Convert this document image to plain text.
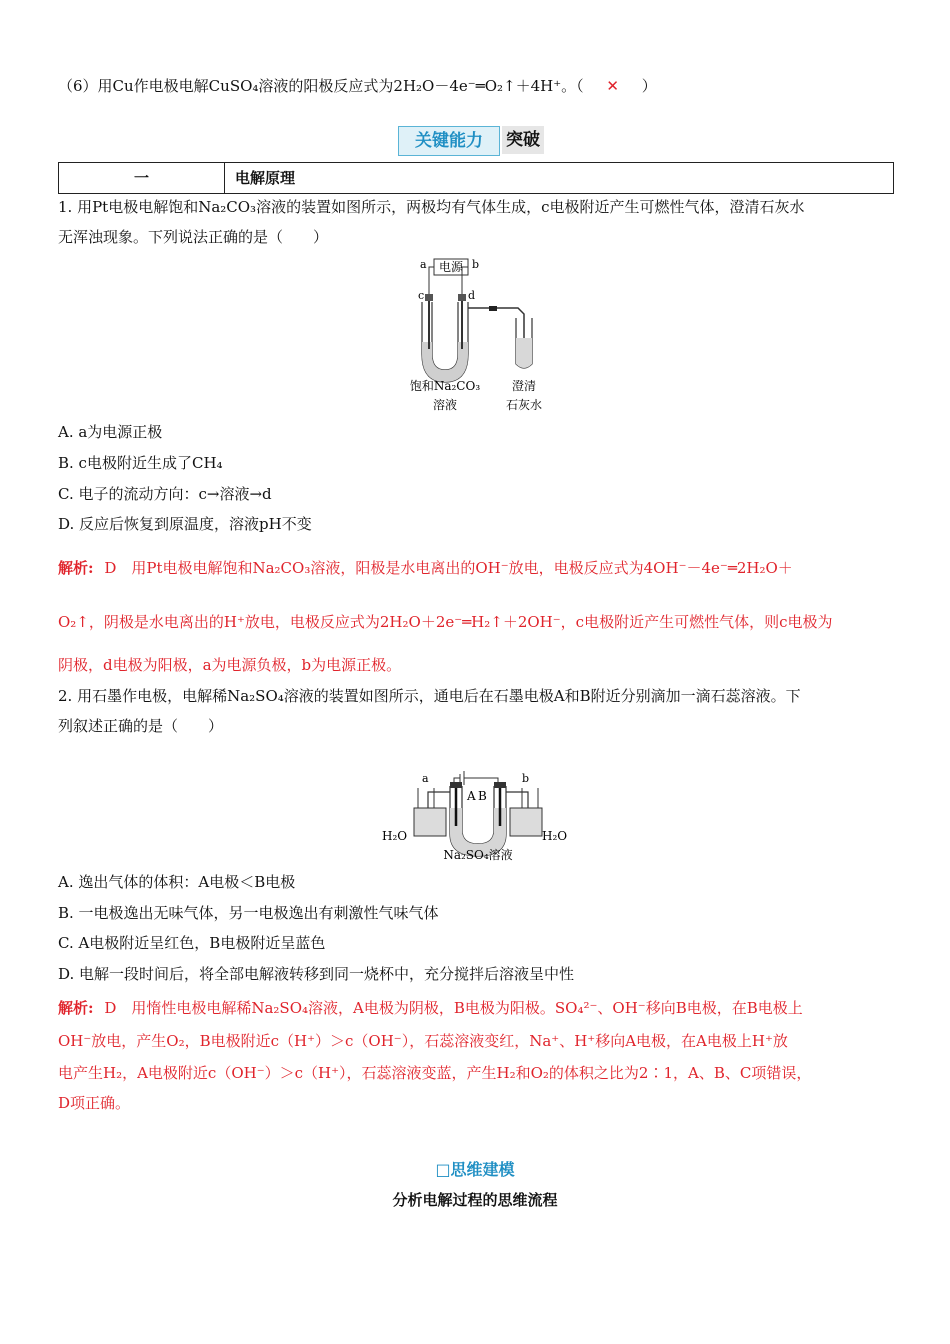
（6）用Cu作电极电解CuSO₄溶液的阳极反应式为2H₂O－4e⁻═O₂↑＋4H⁺。（ ✕ ）
关键能力	突破
一	电解原理
1. 用Pt电极电解饱和Na₂CO₃溶液的装置如图所示，两极均有气体生成，c电极附近产生可燃性气体，澄清石灰水
无浑浊现象。下列说法正确的是（　　）
电源
a	b
c	d
饱和Na₂CO₃
溶液
澄清
石灰水
A. a为电源正极
B. c电极附近生成了CH₄
C. 电子的流动方向：c→溶液→d
D. 反应后恢复到原温度，溶液pH不变
解析: D　用Pt电极电解饱和Na₂CO₃溶液，阳极是水电离出的OH⁻放电，电极反应式为4OH⁻－4e⁻═2H₂O＋
O₂↑，阴极是水电离出的H⁺放电，电极反应式为2H₂O＋2e⁻═H₂↑＋2OH⁻，c电极附近产生可燃性气体，则c电极为
阴极，d电极为阳极，a为电源负极，b为电源正极。
2. 用石墨作电极，电解稀Na₂SO₄溶液的装置如图所示，通电后在石墨电极A和B附近分别滴加一滴石蕊溶液。下
列叙述正确的是（　　）
A B
a	b
H₂O	H₂O
Na₂SO₄溶液
A. 逸出气体的体积：A电极＜B电极
B. 一电极逸出无味气体，另一电极逸出有刺激性气味气体
C. A电极附近呈红色，B电极附近呈蓝色
D. 电解一段时间后，将全部电解液转移到同一烧杯中，充分搅拌后溶液呈中性
解析: D　用惰性电极电解稀Na₂SO₄溶液，A电极为阴极，B电极为阳极。SO₄²⁻、OH⁻移向B电极，在B电极上
OH⁻放电，产生O₂，B电极附近c（H⁺）＞c（OH⁻），石蕊溶液变红，Na⁺、H⁺移向A电极，在A电极上H⁺放
电产生H₂，A电极附近c（OH⁻）＞c（H⁺），石蕊溶液变蓝，产生H₂和O₂的体积之比为2∶1，A、B、C项错误，
D项正确。
□思维建模
分析电解过程的思维流程
